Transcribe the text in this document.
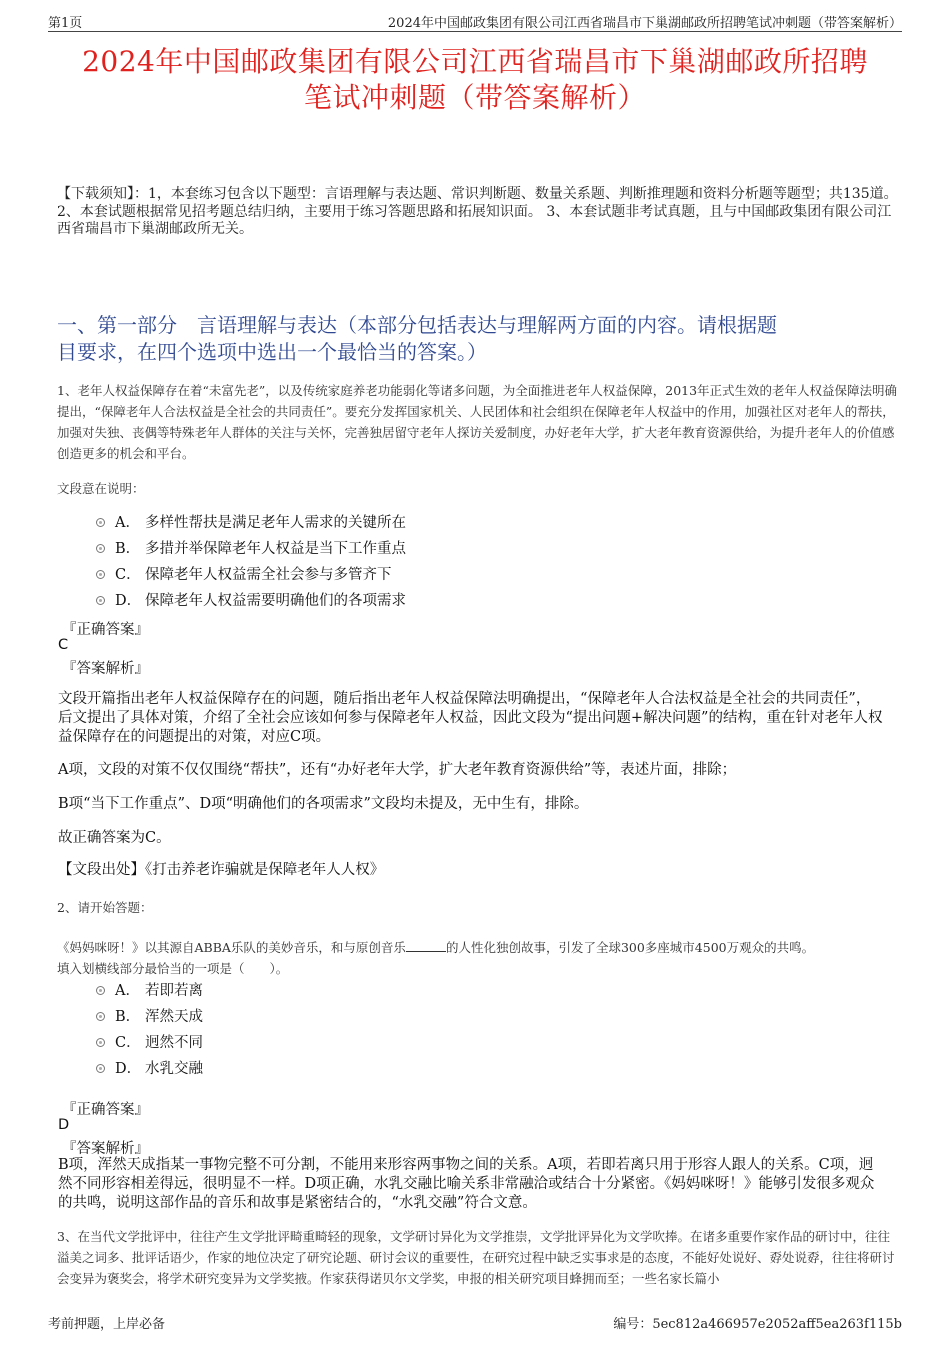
第1页	2024年中国邮政集团有限公司江西省瑞昌市下巢湖邮政所招聘笔试冲刺题（带答案解析）
2024年中国邮政集团有限公司江西省瑞昌市下巢湖邮政所招聘
笔试冲刺题（带答案解析）
【下载须知】：1，本套练习包含以下题型：言语理解与表达题、常识判断题、数量关系题、判断推理题和资料分析题等题型；共135道。 2、本套试题根据常见招考题总结归纳，主要用于练习答题思路和拓展知识面。 3、本套试题非考试真题，且与中国邮政集团有限公司江西省瑞昌市下巢湖邮政所无关。
一、第一部分　言语理解与表达（本部分包括表达与理解两方面的内容。请根据题
目要求，在四个选项中选出一个最恰当的答案。）
1、老年人权益保障存在着“未富先老”，以及传统家庭养老功能弱化等诸多问题，为全面推进老年人权益保障，2013年正式生效的老年人权益保障法明确提出，“保障老年人合法权益是全社会的共同责任”。要充分发挥国家机关、人民团体和社会组织在保障老年人权益中的作用，加强社区对老年人的帮扶，加强对失独、丧偶等特殊老年人群体的关注与关怀，完善独居留守老年人探访关爱制度，办好老年大学，扩大老年教育资源供给，为提升老年人的价值感创造更多的机会和平台。
文段意在说明：
A． 多样性帮扶是满足老年人需求的关键所在
B． 多措并举保障老年人权益是当下工作重点
C． 保障老年人权益需全社会参与多管齐下
D． 保障老年人权益需要明确他们的各项需求
『正确答案』
C
『答案解析』
文段开篇指出老年人权益保障存在的问题，随后指出老年人权益保障法明确提出，“保障老年人合法权益是全社会的共同责任”，后文提出了具体对策，介绍了全社会应该如何参与保障老年人权益，因此文段为“提出问题+解决问题”的结构，重在针对老年人权益保障存在的问题提出的对策，对应C项。
A项，文段的对策不仅仅围绕“帮扶”，还有“办好老年大学，扩大老年教育资源供给”等，表述片面，排除；
B项“当下工作重点”、D项“明确他们的各项需求”文段均未提及，无中生有，排除。
故正确答案为C。
【文段出处】《打击养老诈骗就是保障老年人人权》
2、请开始答题：
《妈妈咪呀！》以其源自ABBA乐队的美妙音乐，和与原创音乐	的人性化独创故事，引发了全球300多座城市4500万观众的共鸣。
填入划横线部分最恰当的一项是（　　）。
A． 若即若离
B． 浑然天成
C． 迥然不同
D． 水乳交融
『正确答案』
D
『答案解析』
B项，浑然天成指某一事物完整不可分割，不能用来形容两事物之间的关系。A项，若即若离只用于形容人跟人的关系。C项，迥然不同形容相差得远，很明显不一样。D项正确，水乳交融比喻关系非常融洽或结合十分紧密。《妈妈咪呀！》能够引发很多观众的共鸣，说明这部作品的音乐和故事是紧密结合的，“水乳交融”符合文意。
3、在当代文学批评中，往往产生文学批评畸重畸轻的现象，文学研讨异化为文学推崇，文学批评异化为文学吹捧。在诸多重要作家作品的研讨中，往往溢美之词多、批评话语少，作家的地位决定了研究论题、研讨会议的重要性，在研究过程中缺乏实事求是的态度，不能好处说好、孬处说孬，往往将研讨会变异为褒奖会，将学术研究变异为文学奖掖。作家获得诺贝尔文学奖，申报的相关研究项目蜂拥而至；一些名家长篇小
考前押题，上岸必备	编号：5ec812a466957e2052aff5ea263f115b
